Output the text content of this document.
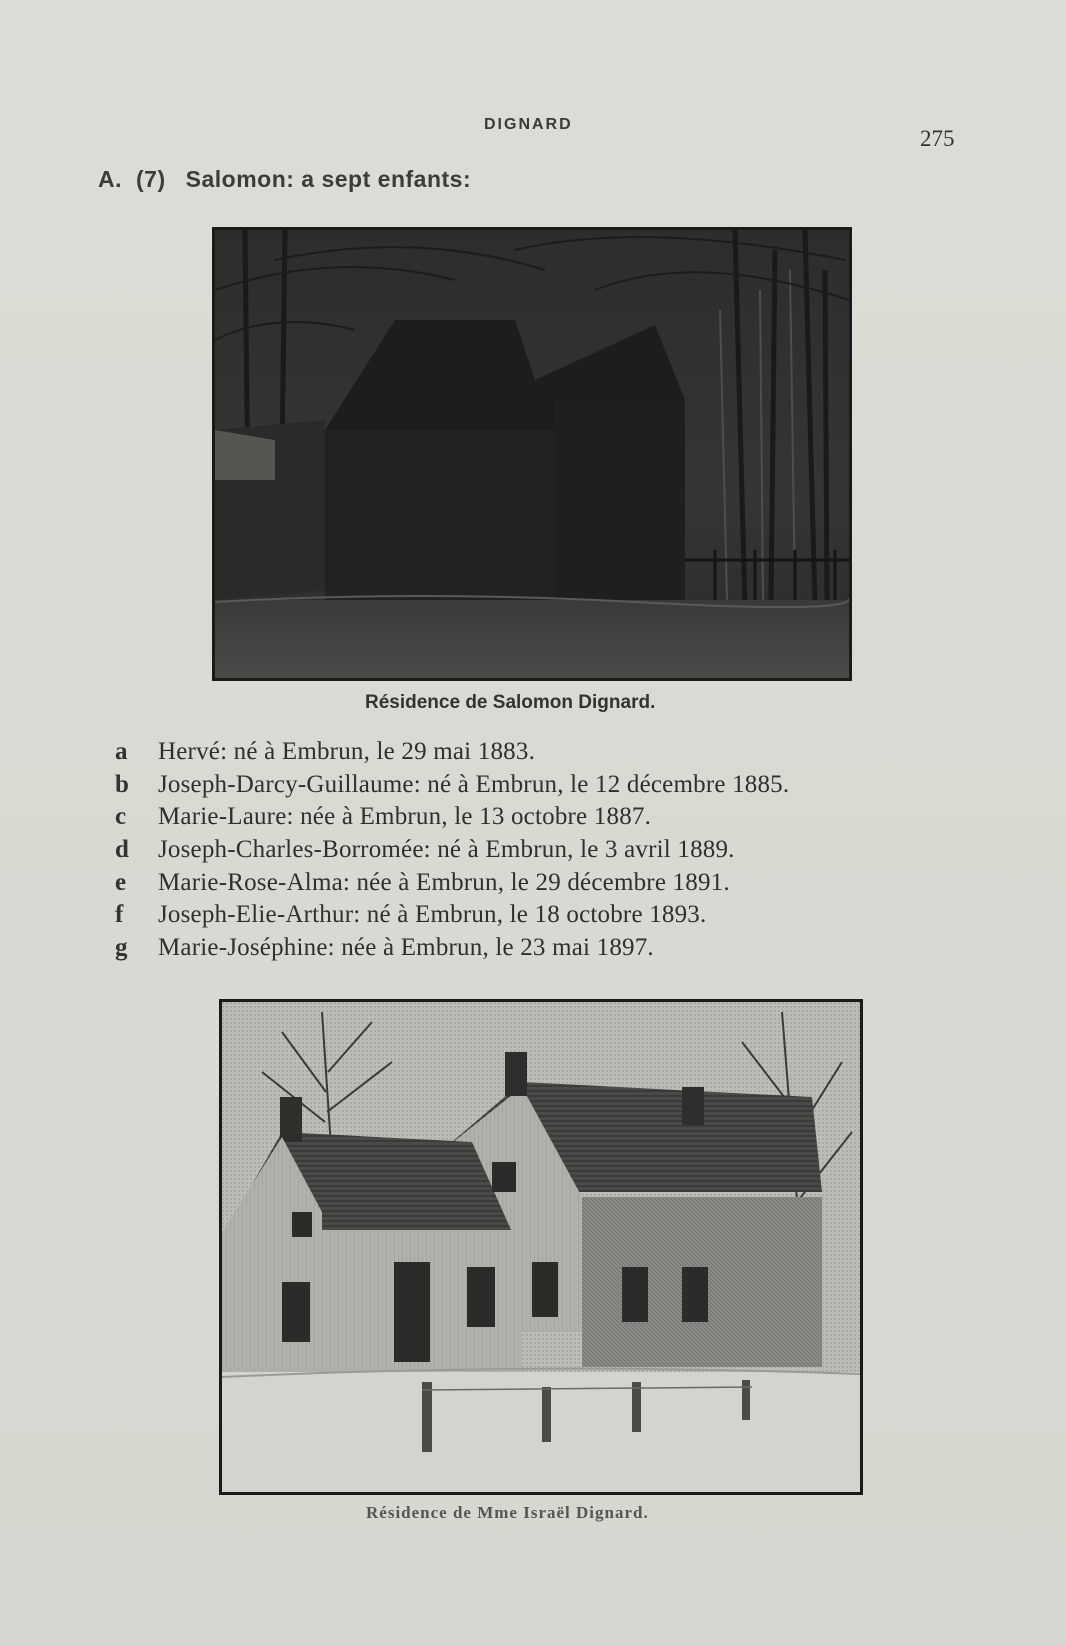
DIGNARD
275
A. (7) Salomon: a sept enfants:
Résidence de Salomon Dignard.
a	Hervé: né à Embrun, le 29 mai 1883.
b	Joseph-Darcy-Guillaume: né à Embrun, le 12 décembre 1885.
c	Marie-Laure: née à Embrun, le 13 octobre 1887.
d	Joseph-Charles-Borromée: né à Embrun, le 3 avril 1889.
e	Marie-Rose-Alma: née à Embrun, le 29 décembre 1891.
f	Joseph-Elie-Arthur: né à Embrun, le 18 octobre 1893.
g	Marie-Joséphine: née à Embrun, le 23 mai 1897.
Résidence de Mme Israël Dignard.
